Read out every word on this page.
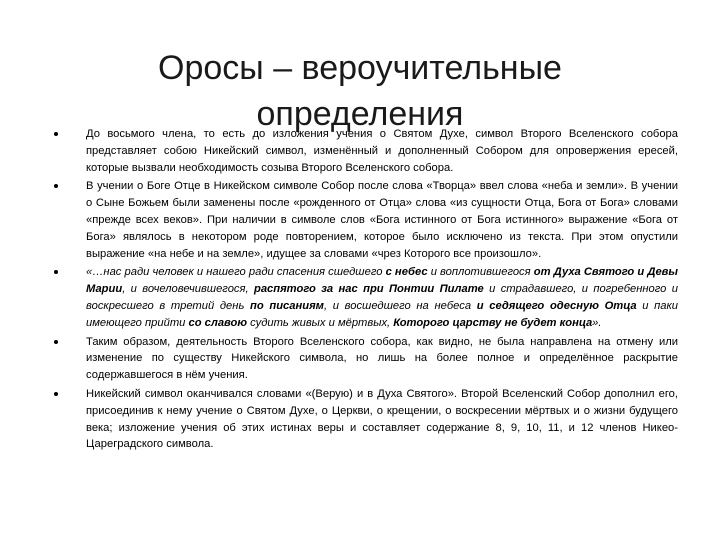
Оросы – вероучительные определения
До восьмого члена, то есть до изложения учения о Святом Духе, символ Второго Вселенского собора представляет собою Никейский символ, изменённый и дополненный Собором для опровержения ересей, которые вызвали необходимость созыва Второго Вселенского собора.
В учении о Боге Отце в Никейском символе Собор после слова «Творца» ввел слова «неба и земли». В учении о Сыне Божьем были заменены после «рожденного от Отца» слова «из сущности Отца, Бога от Бога» словами «прежде всех веков». При наличии в символе слов «Бога истинного от Бога истинного» выражение «Бога от Бога» являлось в некотором роде повторением, которое было исключено из текста. При этом опустили выражение «на небе и на земле», идущее за словами «чрез Которого все произошло».
«…нас ради человек и нашего ради спасения сшедшего с небес и воплотившегося от Духа Святого и Девы Марии, и вочеловечившегося, распятого за нас при Понтии Пилате и страдавшего, и погребенного и воскресшего в третий день по писаниям, и восшедшего на небеса и седящего одесную Отца и паки имеющего прийти со славою судить живых и мёртвых, Которого царству не будет конца».
Таким образом, деятельность Второго Вселенского собора, как видно, не была направлена на отмену или изменение по существу Никейского символа, но лишь на более полное и определённое раскрытие содержавшегося в нём учения.
Никейский символ оканчивался словами «(Верую) и в Духа Святого». Второй Вселенский Собор дополнил его, присоединив к нему учение о Святом Духе, о Церкви, о крещении, о воскресении мёртвых и о жизни будущего века; изложение учения об этих истинах веры и составляет содержание 8, 9, 10, 11, и 12 членов Никео-Цареградского символа.
